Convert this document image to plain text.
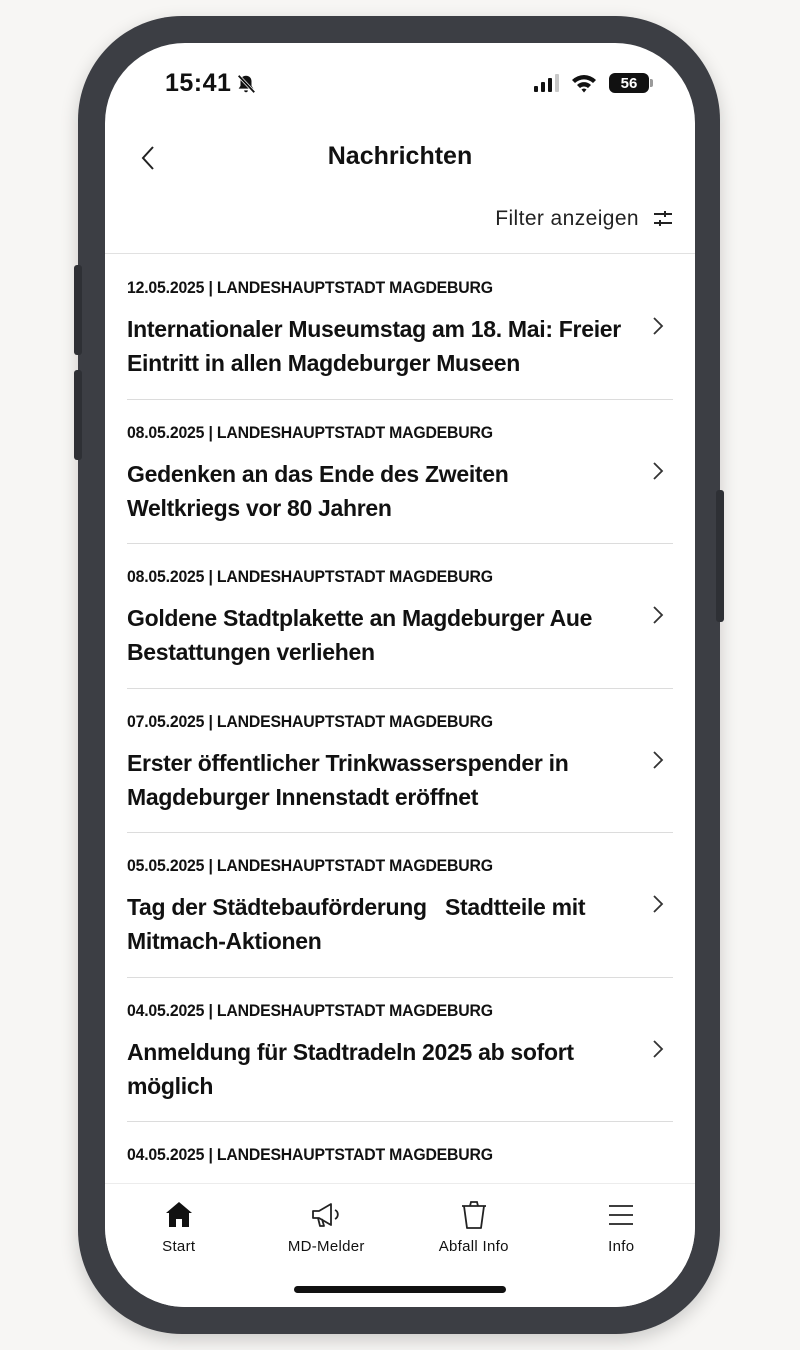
15:41	56
Nachrichten
Filter anzeigen
12.05.2025 | LANDESHAUPTSTADT MAGDEBURG
Internationaler Museumstag am 18. Mai: Freier Eintritt in allen Magdeburger Museen
08.05.2025 | LANDESHAUPTSTADT MAGDEBURG
Gedenken an das Ende des Zweiten Weltkriegs vor 80 Jahren
08.05.2025 | LANDESHAUPTSTADT MAGDEBURG
Goldene Stadtplakette an Magdeburger Aue Bestattungen verliehen
07.05.2025 | LANDESHAUPTSTADT MAGDEBURG
Erster öffentlicher Trinkwasserspender in Magdeburger Innenstadt eröffnet
05.05.2025 | LANDESHAUPTSTADT MAGDEBURG
Tag der Städtebauförderung   Stadtteile mit Mitmach-Aktionen
04.05.2025 | LANDESHAUPTSTADT MAGDEBURG
Anmeldung für Stadtradeln 2025 ab sofort möglich
04.05.2025 | LANDESHAUPTSTADT MAGDEBURG
Start	MD-Melder	Abfall Info	Info
